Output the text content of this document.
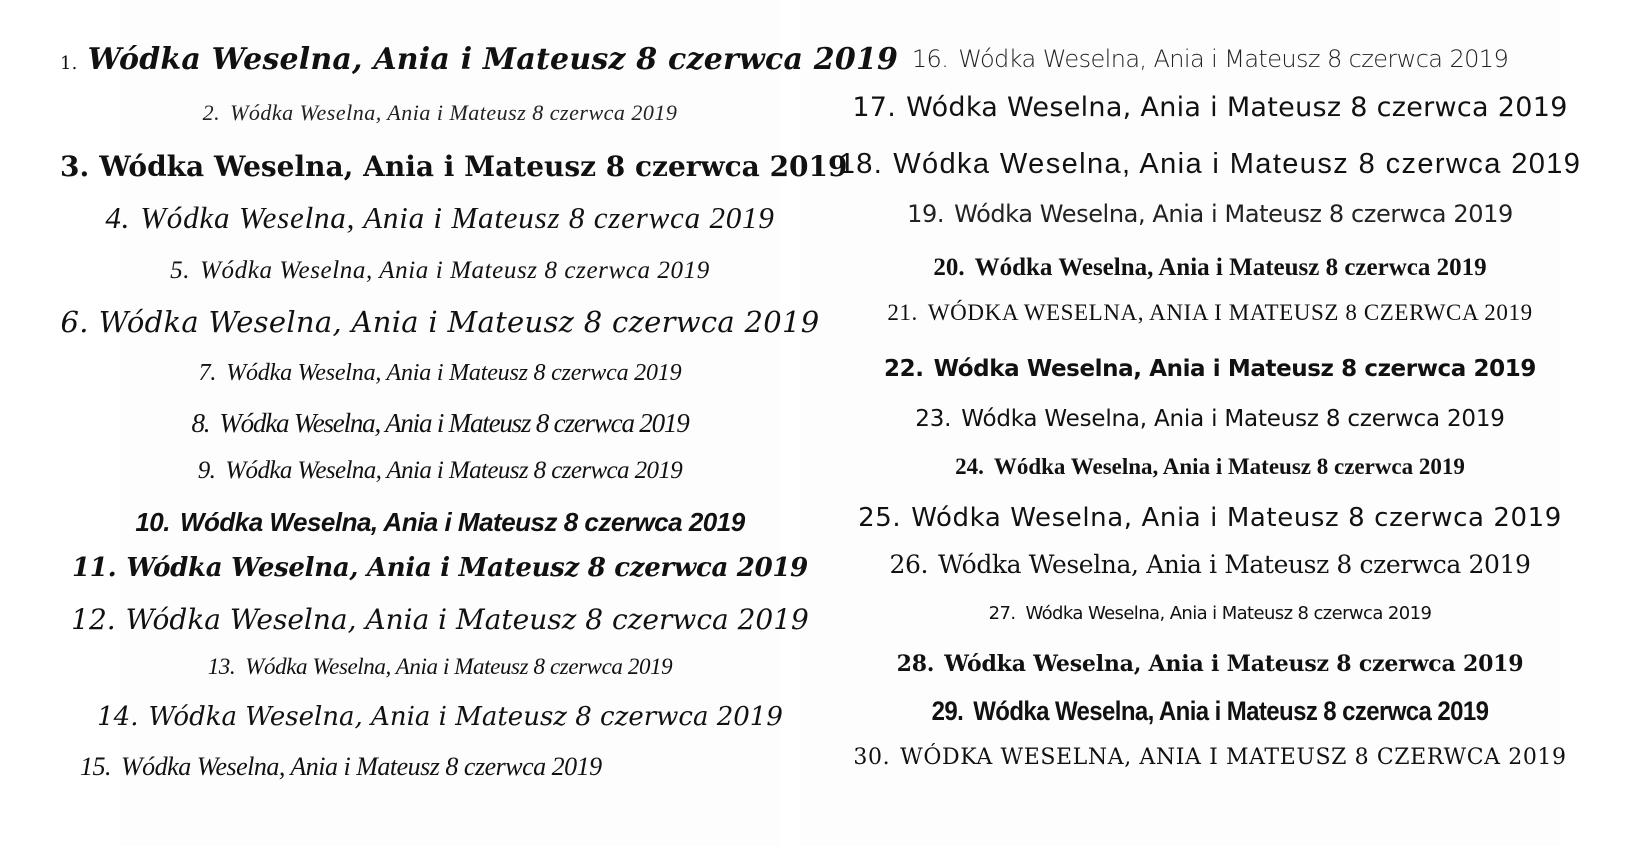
1. Wódka Weselna, Ania i Mateusz 8 czerwca 2019
2. Wódka Weselna, Ania i Mateusz 8 czerwca 2019
3. Wódka Weselna, Ania i Mateusz 8 czerwca 2019
4. Wódka Weselna, Ania i Mateusz 8 czerwca 2019
5. Wódka Weselna, Ania i Mateusz 8 czerwca 2019
6. Wódka Weselna, Ania i Mateusz 8 czerwca 2019
7. Wódka Weselna, Ania i Mateusz 8 czerwca 2019
8. Wódka Weselna, Ania i Mateusz 8 czerwca 2019
9. Wódka Weselna, Ania i Mateusz 8 czerwca 2019
10. Wódka Weselna, Ania i Mateusz 8 czerwca 2019
11. Wódka Weselna, Ania i Mateusz 8 czerwca 2019
12. Wódka Weselna, Ania i Mateusz 8 czerwca 2019
13. Wódka Weselna, Ania i Mateusz 8 czerwca 2019
14. Wódka Weselna, Ania i Mateusz 8 czerwca 2019
15. Wódka Weselna, Ania i Mateusz 8 czerwca 2019
16. Wódka Weselna, Ania i Mateusz 8 czerwca 2019
17. Wódka Weselna, Ania i Mateusz 8 czerwca 2019
18. Wódka Weselna, Ania i Mateusz 8 czerwca 2019
19. Wódka Weselna, Ania i Mateusz 8 czerwca 2019
20. Wódka Weselna, Ania i Mateusz 8 czerwca 2019
21. WÓDKA WESELNA, ANIA I MATEUSZ 8 CZERWCA 2019
22. Wódka Weselna, Ania i Mateusz 8 czerwca 2019
23. Wódka Weselna, Ania i Mateusz 8 czerwca 2019
24. Wódka Weselna, Ania i Mateusz 8 czerwca 2019
25. Wódka Weselna, Ania i Mateusz 8 czerwca 2019
26. Wódka Weselna, Ania i Mateusz 8 czerwca 2019
27. Wódka Weselna, Ania i Mateusz 8 czerwca 2019
28. Wódka Weselna, Ania i Mateusz 8 czerwca 2019
29. Wódka Weselna, Ania i Mateusz 8 czerwca 2019
30. WÓDKA WESELNA, ANIA I MATEUSZ 8 CZERWCA 2019
